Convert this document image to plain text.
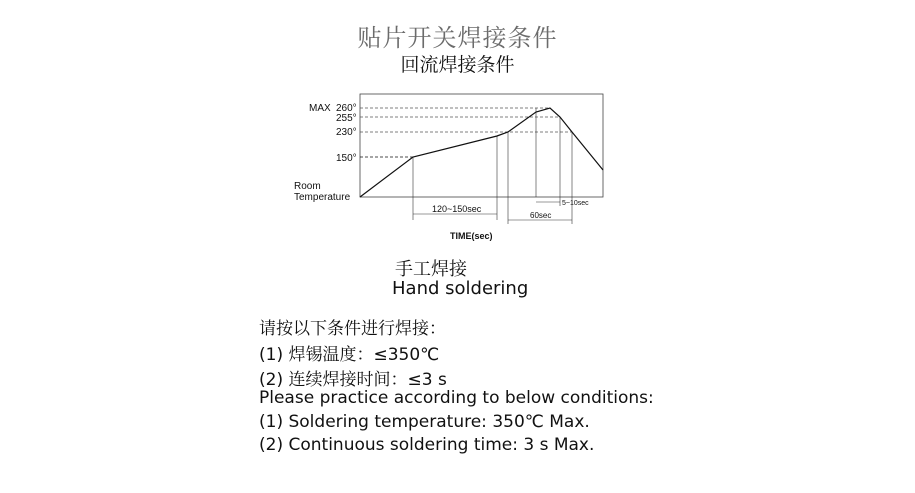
贴片开关焊接条件
回流焊接条件
MAX 260°
255°
230°
150°
Room
Temperature
5~10sec
120~150sec
60sec
TIME(sec)
手工焊接
Hand soldering
请按以下条件进行焊接：
(1) 焊锡温度：≤350℃
(2) 连续焊接时间：≤3 s
Please practice according to below conditions:
(1) Soldering temperature: 350℃ Max.
(2) Continuous soldering time: 3 s Max.
